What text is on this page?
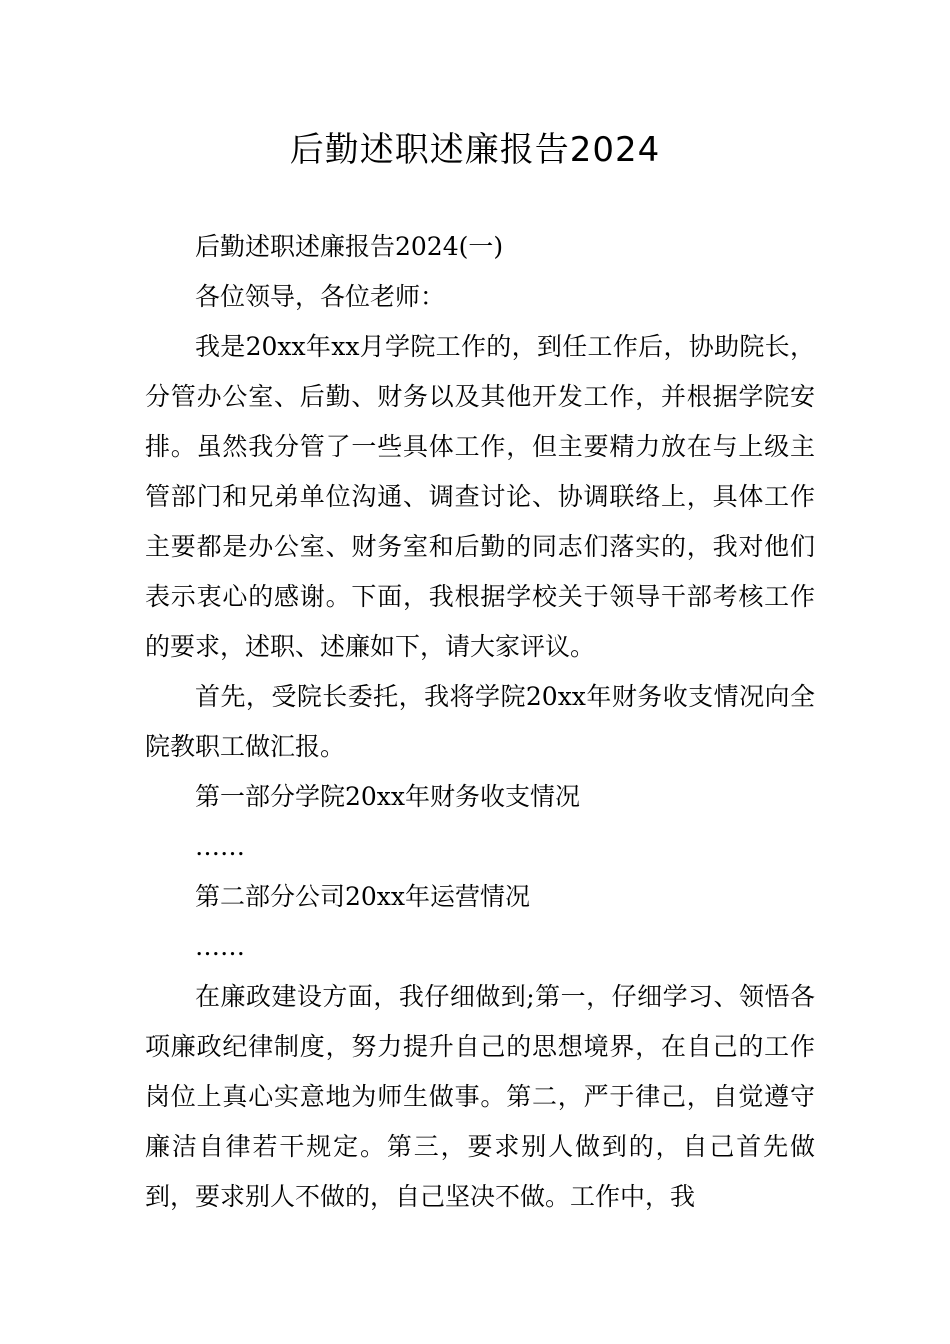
后勤述职述廉报告2024

后勤述职述廉报告2024(一)

各位领导，各位老师：

我是20xx年xx月学院工作的，到任工作后，协助院长，分管办公室、后勤、财务以及其他开发工作，并根据学院安排。虽然我分管了一些具体工作，但主要精力放在与上级主管部门和兄弟单位沟通、调查讨论、协调联络上，具体工作主要都是办公室、财务室和后勤的同志们落实的，我对他们表示衷心的感谢。下面，我根据学校关于领导干部考核工作的要求，述职、述廉如下，请大家评议。

首先，受院长委托，我将学院20xx年财务收支情况向全院教职工做汇报。

第一部分学院20xx年财务收支情况

……

第二部分公司20xx年运营情况

……

在廉政建设方面，我仔细做到;第一，仔细学习、领悟各项廉政纪律制度，努力提升自己的思想境界，在自己的工作岗位上真心实意地为师生做事。第二，严于律己，自觉遵守廉洁自律若干规定。第三，要求别人做到的，自己首先做到，要求别人不做的，自己坚决不做。工作中，我
